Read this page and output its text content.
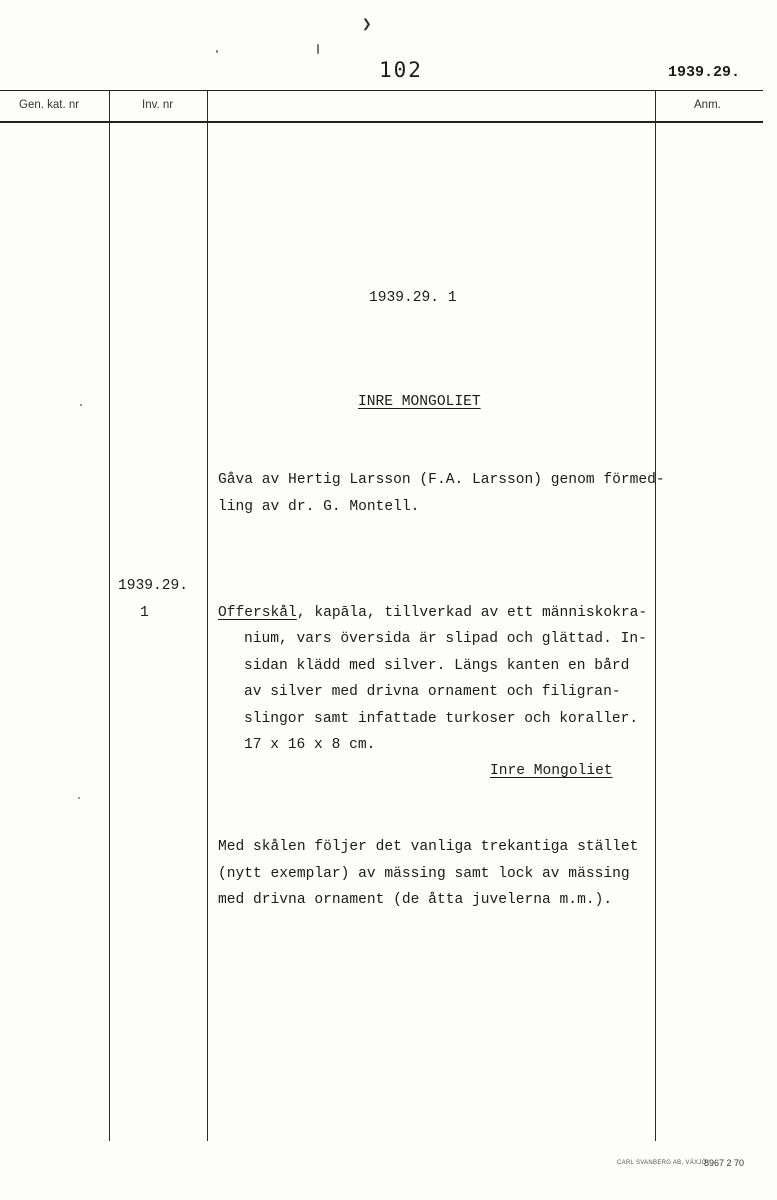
❯
102	1939.29.
Gen. kat. nr	Inv. nr	Anm.
1939.29. 1
INRE MONGOLIET
Gåva av Hertig Larsson (F.A. Larsson) genom förmed-
ling av dr. G. Montell.
1939.29.
1	Offerskål, kapāla, tillverkad av ett människokra-
nium, vars översida är slipad och glättad. In-
sidan klädd med silver. Längs kanten en bård
av silver med drivna ornament och filigran-
slingor samt infattade turkoser och koraller.
17 x 16 x 8 cm.
Inre Mongoliet
Med skålen följer det vanliga trekantiga stället
(nytt exemplar) av mässing samt lock av mässing
med drivna ornament (de åtta juvelerna m.m.).
CARL SVANBERG AB, VÄXJÖ
8967 2 70
